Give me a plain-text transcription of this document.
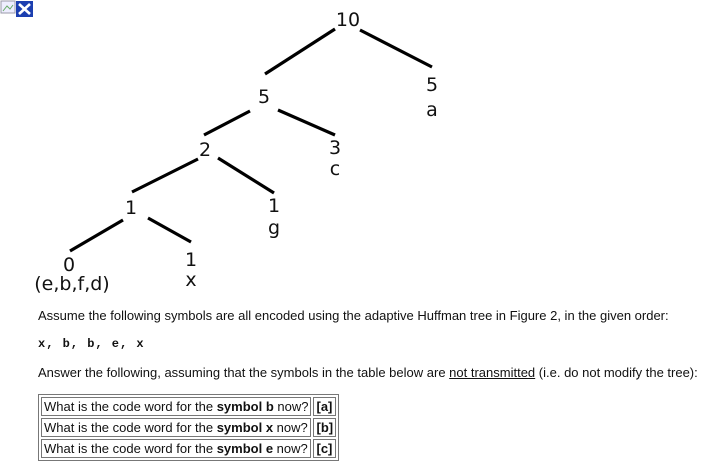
10
5
5
a
2	3
c
1	1
g
0
(e,b,f,d)
1
x
Assume the following symbols are all encoded using the adaptive Huffman tree in Figure 2, in the given order:
x, b, b, e, x
Answer the following, assuming that the symbols in the table below are not transmitted (i.e. do not modify the tree):
What is the code word for the symbol b now?	[a]
What is the code word for the symbol x now?	[b]
What is the code word for the symbol e now?	[c]
